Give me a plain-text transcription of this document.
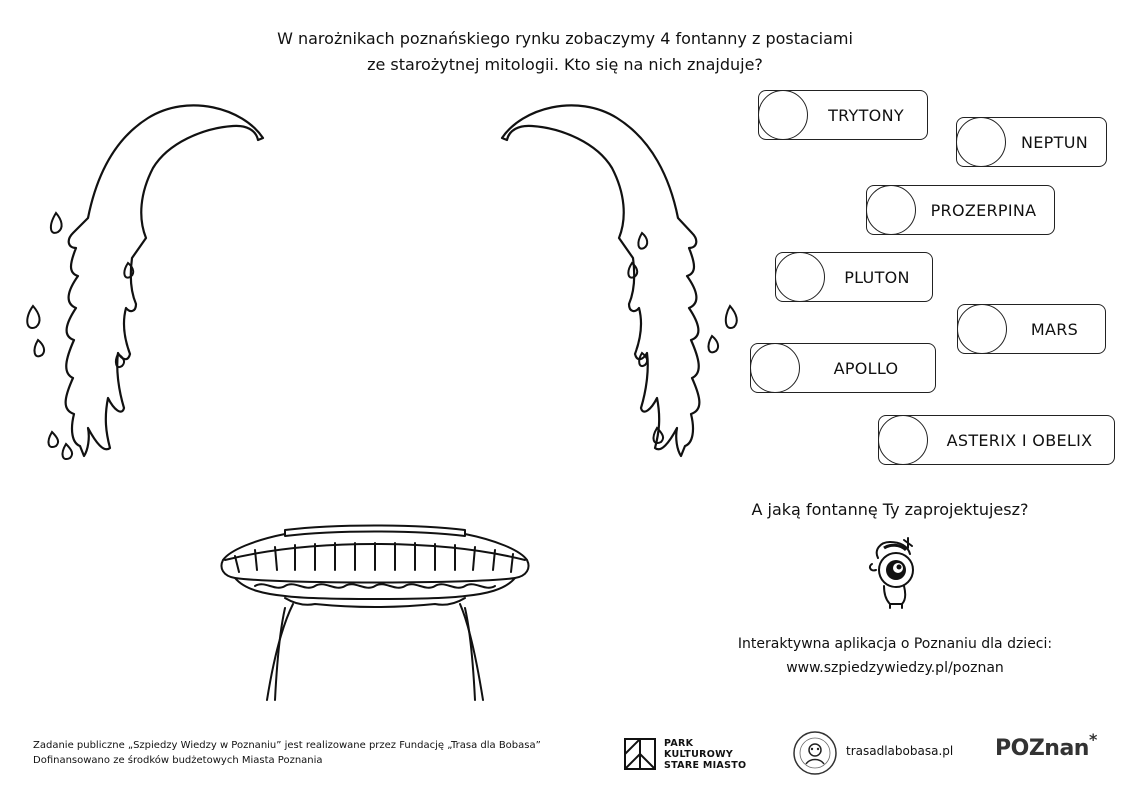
W narożnikach poznańskiego rynku zobaczymy 4 fontanny z postaciami
ze starożytnej mitologii. Kto się na nich znajduje?
TRYTONY
NEPTUN
PROZERPINA
PLUTON
MARS
APOLLO
ASTERIX I OBELIX
A jaką fontannę Ty zaprojektujesz?
Interaktywna aplikacja o Poznaniu dla dzieci:
www.szpiedzywiedzy.pl/poznan
Zadanie publiczne „Szpiedzy Wiedzy w Poznaniu” jest realizowane przez Fundację „Trasa dla Bobasa”
Dofinansowano ze środków budżetowych Miasta Poznania
PARK
KULTUROWY
STARE MIASTO
trasadlabobasa.pl POZnan*
